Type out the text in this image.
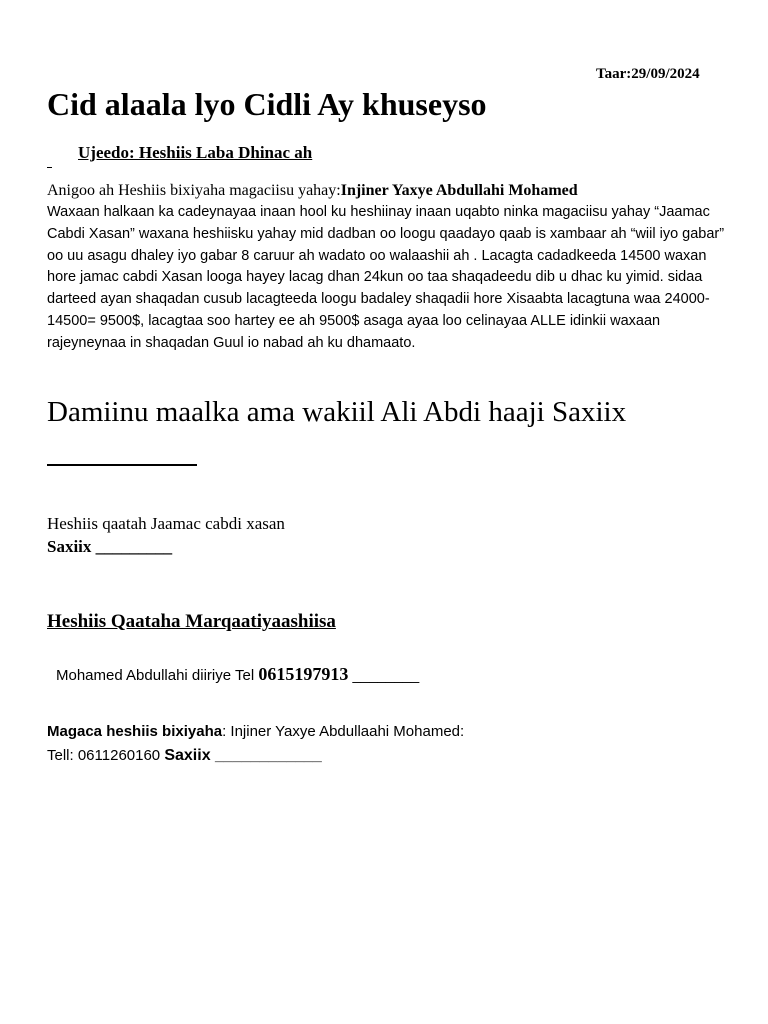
Taar:29/09/2024
Cid alaala lyo Cidli Ay khuseyso
Ujeedo: Heshiis Laba Dhinac ah
Anigoo ah Heshiis bixiyaha magaciisu yahay:Injiner Yaxye Abdullahi Mohamed

Waxaan halkaan ka cadeynayaa inaan hool ku heshiinay inaan uqabto ninka magaciisu yahay “Jaamac Cabdi Xasan” waxana heshiisku yahay mid dadban oo loogu qaadayo qaab is xambaar ah “wiil iyo gabar” oo uu asagu dhaley iyo gabar 8 caruur ah wadato oo walaashii ah . Lacagta cadadkeeda 14500 waxan hore jamac cabdi Xasan looga hayey lacag dhan 24kun oo taa shaqadeedu dib u dhac ku yimid. sidaa darteed ayan shaqadan cusub lacagteeda loogu badaley shaqadii hore Xisaabta lacagtuna waa 24000-14500= 9500$, lacagtaa soo hartey ee ah 9500$ asaga ayaa loo celinayaa ALLE idinkii waxaan rajeyneynaa in shaqadan Guul io nabad ah ku dhamaato.

Damiinu maalka ama wakiil Ali Abdi haaji Saxiix
Heshiis qaatah Jaamac cabdi xasan
Saxiix _________
Heshiis Qaataha Marqaatiyaashiisa
Mohamed Abdullahi diiriye Tel 0615197913 ________
Magaca heshiis bixiyaha: Injiner Yaxye Abdullaahi Mohamed:
Tell: 0611260160 Saxiix ____________
